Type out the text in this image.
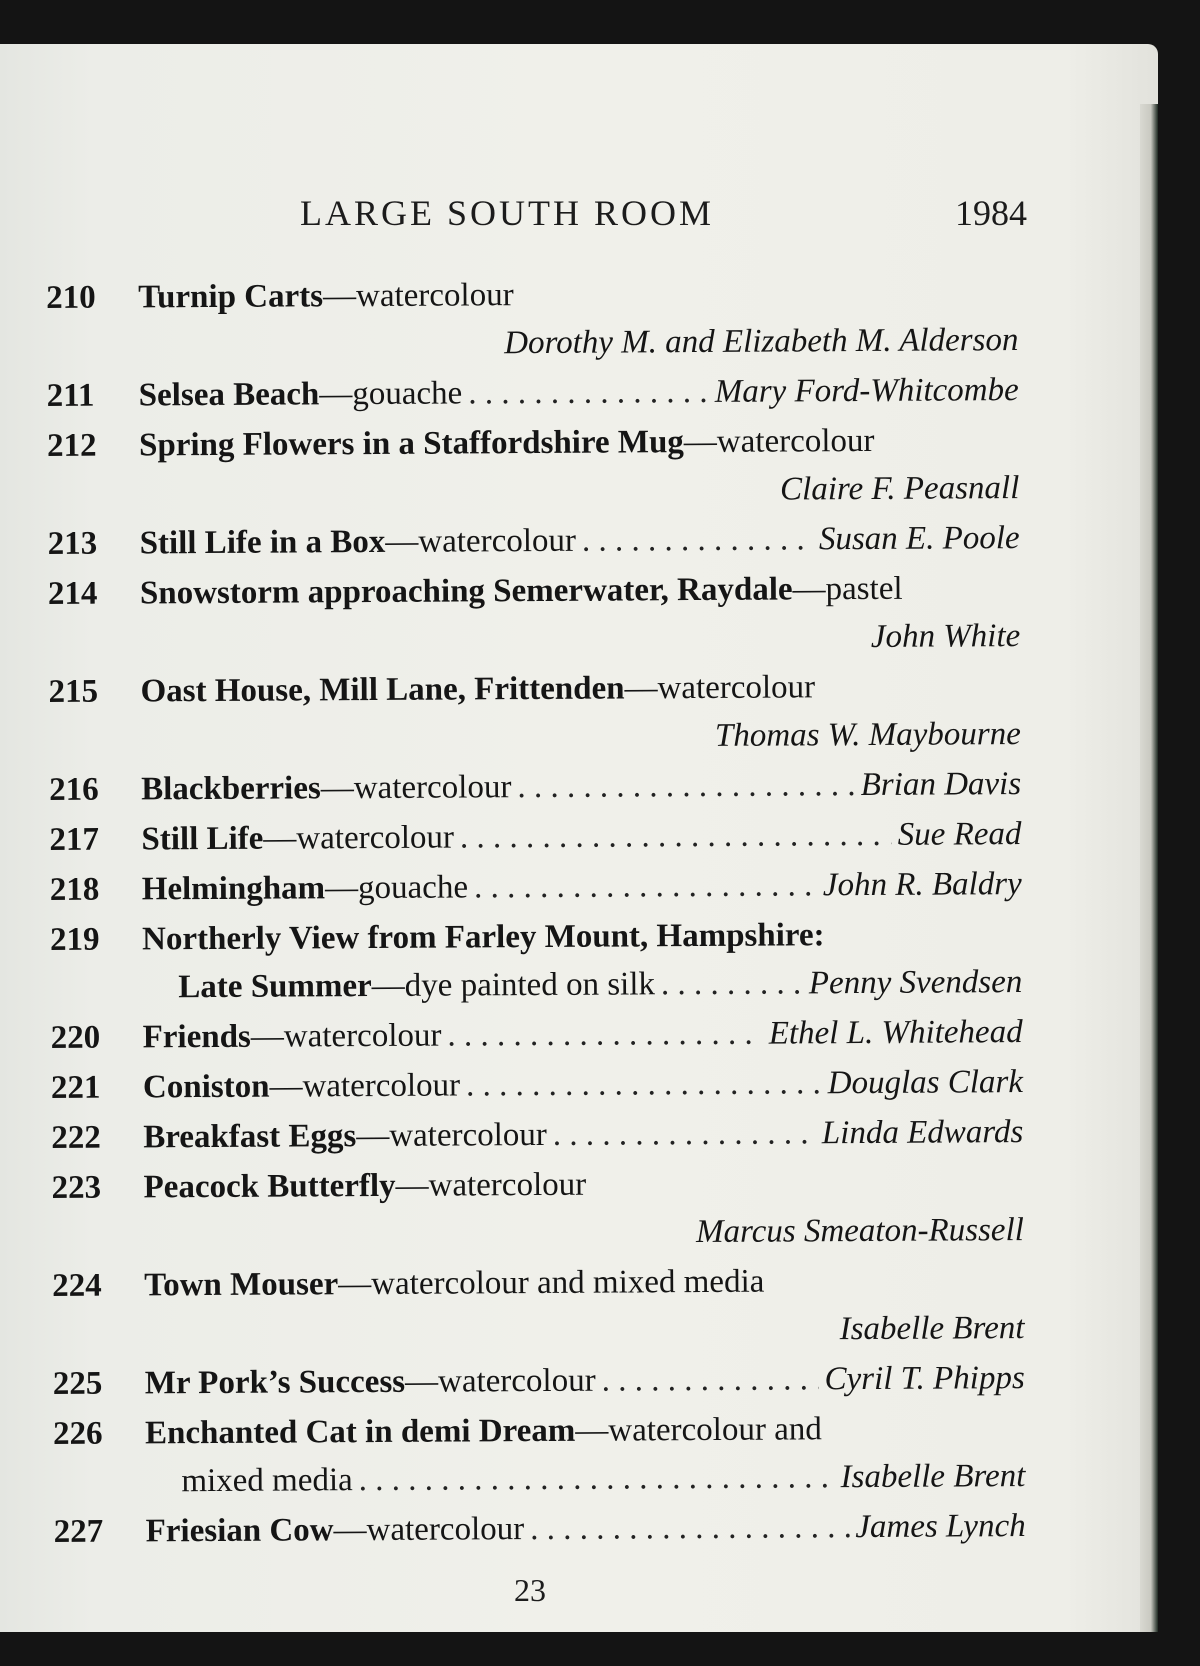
LARGE SOUTH ROOM	1984
210	Turnip Carts —watercolour
Dorothy M. and Elizabeth M. Alderson
211	Selsea Beach —gouache . . .	Mary Ford-Whitcombe
212	Spring Flowers in a Staffordshire Mug —watercolour
Claire F. Peasnall
213	Still Life in a Box —watercolour . . .	Susan E. Poole
214	Snowstorm approaching Semerwater, Raydale —pastel
John White
215	Oast House, Mill Lane, Frittenden —watercolour
Thomas W. Maybourne
216	Blackberries —watercolour . . .	Brian Davis
217	Still Life —watercolour . . .	Sue Read
218	Helmingham —gouache . . .	John R. Baldry
219	Northerly View from Farley Mount, Hampshire:
Late Summer —dye painted on silk . . .	Penny Svendsen
220	Friends —watercolour . . .	Ethel L. Whitehead
221	Coniston —watercolour . . .	Douglas Clark
222	Breakfast Eggs —watercolour . . .	Linda Edwards
223	Peacock Butterfly —watercolour
Marcus Smeaton-Russell
224	Town Mouser —watercolour and mixed media
Isabelle Brent
225	Mr Pork’s Success —watercolour . . .	Cyril T. Phipps
226	Enchanted Cat in demi Dream —watercolour and
mixed media . . .	Isabelle Brent
227	Friesian Cow —watercolour . . .	James Lynch
23
